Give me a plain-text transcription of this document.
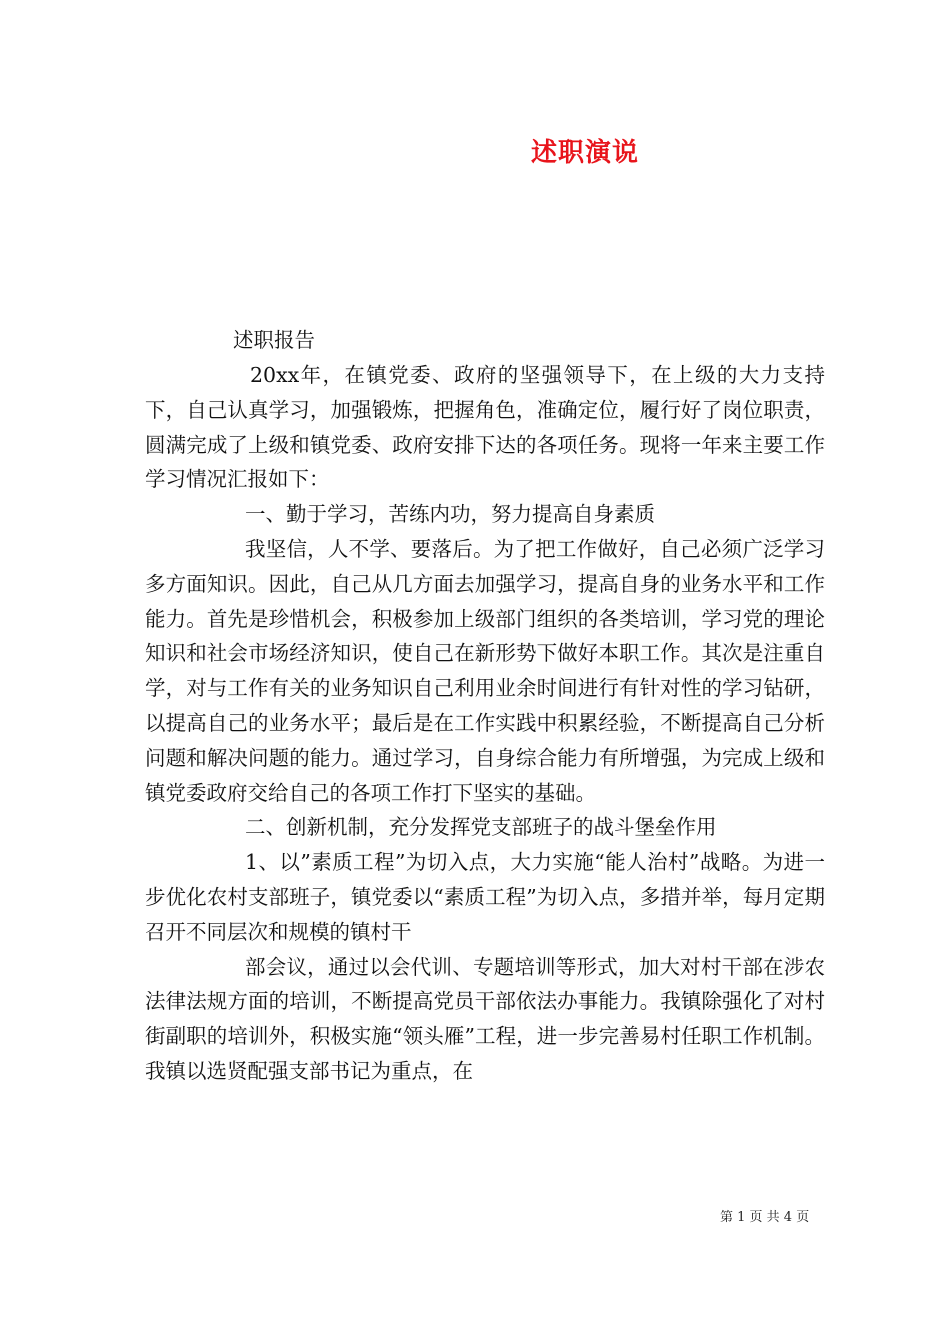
述职演说
述职报告

20xx年，在镇党委、政府的坚强领导下，在上级的大力支持下，自己认真学习，加强锻炼，把握角色，准确定位，履行好了岗位职责，圆满完成了上级和镇党委、政府安排下达的各项任务。现将一年来主要工作学习情况汇报如下：

一、勤于学习，苦练内功，努力提高自身素质

我坚信，人不学、要落后。为了把工作做好，自己必须广泛学习多方面知识。因此，自己从几方面去加强学习，提高自身的业务水平和工作能力。首先是珍惜机会，积极参加上级部门组织的各类培训，学习党的理论知识和社会市场经济知识，使自己在新形势下做好本职工作。其次是注重自学，对与工作有关的业务知识自己利用业余时间进行有针对性的学习钻研，以提高自己的业务水平；最后是在工作实践中积累经验，不断提高自己分析问题和解决问题的能力。通过学习，自身综合能力有所增强，为完成上级和镇党委政府交给自己的各项工作打下坚实的基础。

二、创新机制，充分发挥党支部班子的战斗堡垒作用

1、以”素质工程”为切入点，大力实施“能人治村”战略。为进一步优化农村支部班子，镇党委以“素质工程”为切入点，多措并举，每月定期召开不同层次和规模的镇村干

部会议，通过以会代训、专题培训等形式，加大对村干部在涉农法律法规方面的培训，不断提高党员干部依法办事能力。我镇除强化了对村街副职的培训外，积极实施“领头雁”工程，进一步完善易村任职工作机制。我镇以选贤配强支部书记为重点，在

第 1 页 共 4 页
